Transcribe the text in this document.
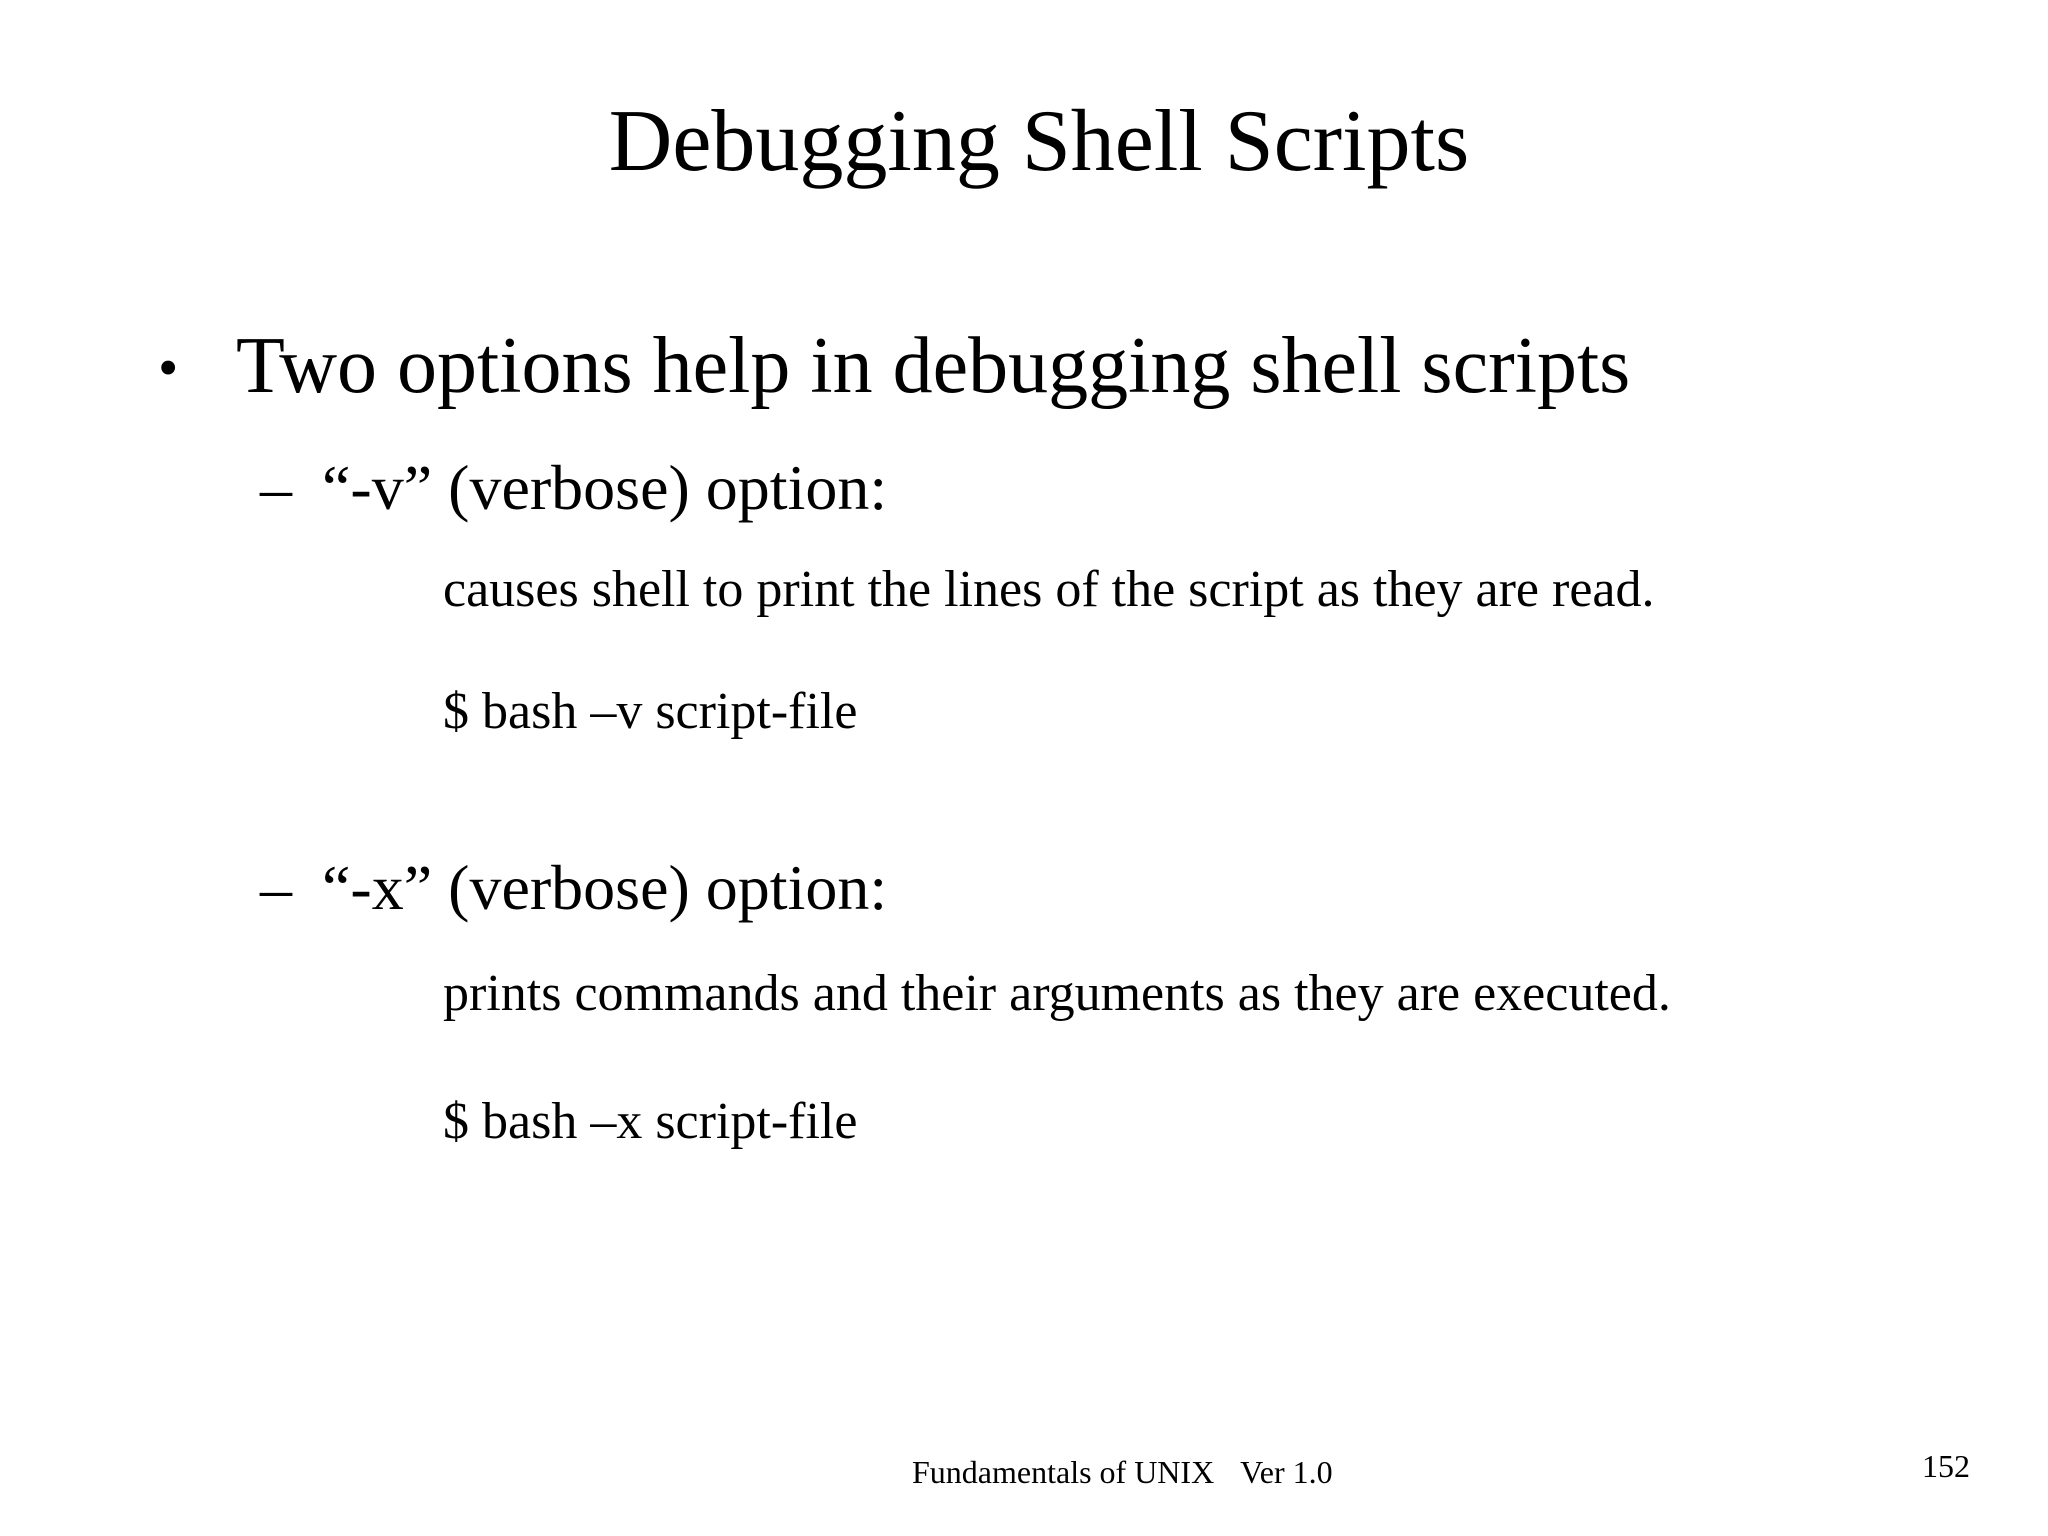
Debugging Shell Scripts
• Two options help in debugging shell scripts
– “-v” (verbose) option:
causes shell to print the lines of the script as they are read.
$ bash –v script-file
– “-x” (verbose) option:
prints commands and their arguments as they are executed.
$ bash –x script-file
Fundamentals of UNIX Ver 1.0	152
